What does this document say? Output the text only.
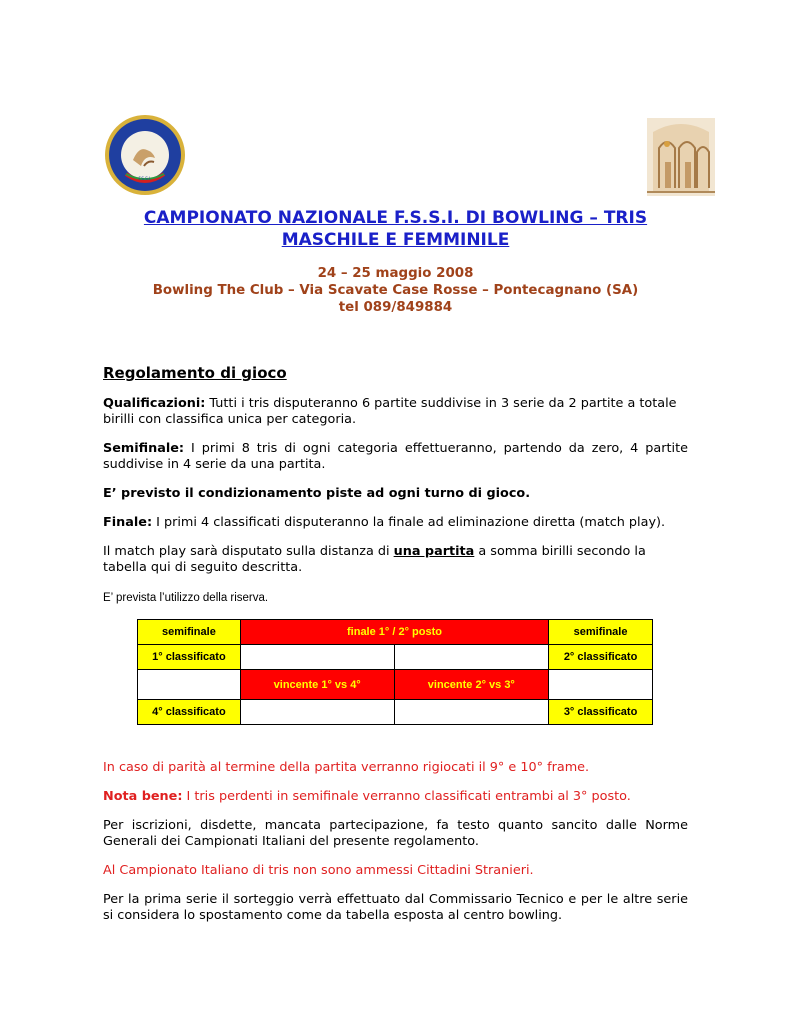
F.S.S.I.
CAMPIONATO NAZIONALE F.S.S.I. DI BOWLING – TRIS
MASCHILE E FEMMINILE
24 – 25 maggio 2008
Bowling The Club – Via Scavate Case Rosse – Pontecagnano (SA)
tel 089/849884
Regolamento di gioco
Qualificazioni: Tutti i tris disputeranno 6 partite suddivise in 3 serie da 2 partite a totale birilli con classifica unica per categoria.
Semifinale: I primi 8 tris di ogni categoria effettueranno, partendo da zero, 4 partite suddivise in 4 serie da una partita.
E’ previsto il condizionamento piste ad ogni turno di gioco.
Finale: I primi 4 classificati disputeranno la finale ad eliminazione diretta (match play).
Il match play sarà disputato sulla distanza di una partita a somma birilli secondo la tabella qui di seguito descritta.
E’ prevista l’utilizzo della riserva.
semifinale	finale 1° / 2° posto		semifinale
1° classificato			2° classificato
	vincente 1° vs 4°	vincente 2° vs 3°	
4° classificato			3° classificato
In caso di parità al termine della partita verranno rigiocati il 9° e 10° frame.
Nota bene: I tris perdenti in semifinale verranno classificati entrambi al 3° posto.
Per iscrizioni, disdette, mancata partecipazione, fa testo quanto sancito dalle Norme Generali dei Campionati Italiani del presente regolamento.
Al Campionato Italiano di tris non sono ammessi Cittadini Stranieri.
Per la prima serie il sorteggio verrà effettuato dal Commissario Tecnico e per le altre serie si considera lo spostamento come da tabella esposta al centro bowling.
